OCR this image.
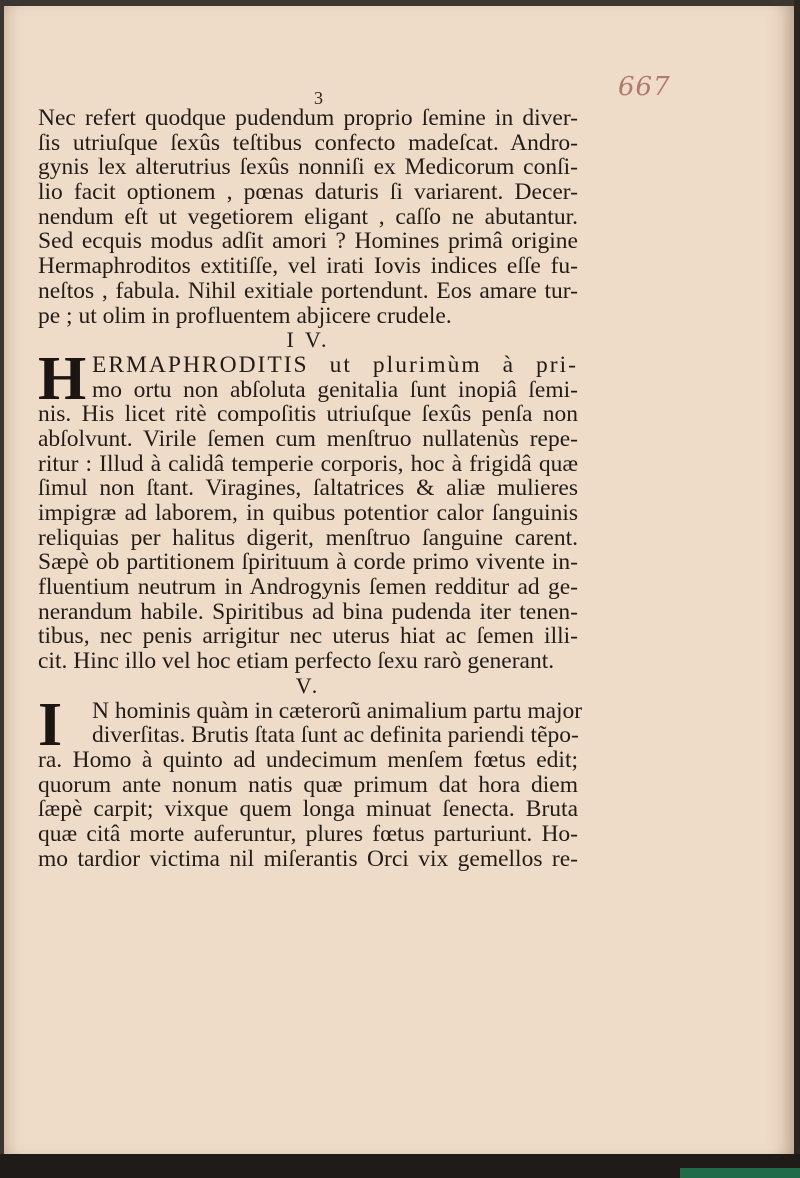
667
3
Nec refert quodque pudendum proprio ſemine in diver-
ſis utriuſque ſexûs teſtibus confecto madeſcat. Andro-
gynis lex alterutrius ſexûs nonniſi ex Medicorum conſi-
lio facit optionem , pœnas daturis ſi variarent. Decer-
nendum eſt ut vegetiorem eligant , caſſo ne abutantur.
Sed ecquis modus adſit amori ? Homines primâ origine
Hermaphroditos extitiſſe, vel irati Iovis indices eſſe fu-
neſtos , fabula. Nihil exitiale portendunt. Eos amare tur-
pe ; ut olim in profluentem abjicere crudele.
I V.
H ERMAPHRODITIS ut plurimùm à pri-
mo ortu non abſoluta genitalia ſunt inopiâ ſemi-
nis. His licet ritè compoſitis utriuſque ſexûs penſa non
abſolvunt. Virile ſemen cum menſtruo nullatenùs repe-
ritur : Illud à calidâ temperie corporis, hoc à frigidâ quæ
ſimul non ſtant. Viragines, ſaltatrices & aliæ mulieres
impigræ ad laborem, in quibus potentior calor ſanguinis
reliquias per halitus digerit, menſtruo ſanguine carent.
Sæpè ob partitionem ſpirituum à corde primo vivente in-
fluentium neutrum in Androgynis ſemen redditur ad ge-
nerandum habile. Spiritibus ad bina pudenda iter tenen-
tibus, nec penis arrigitur nec uterus hiat ac ſemen illi-
cit. Hinc illo vel hoc etiam perfecto ſexu rarò generant.
V.
I	N hominis quàm in cæterorũ animalium partu major
diverſitas. Brutis ſtata ſunt ac definita pariendi tẽpo-
ra. Homo à quinto ad undecimum menſem fœtus edit;
quorum ante nonum natis quæ primum dat hora diem
ſæpè carpit; vixque quem longa minuat ſenecta. Bruta
quæ citâ morte auferuntur, plures fœtus parturiunt. Ho-
mo tardior victima nil miſerantis Orci vix gemellos re-
